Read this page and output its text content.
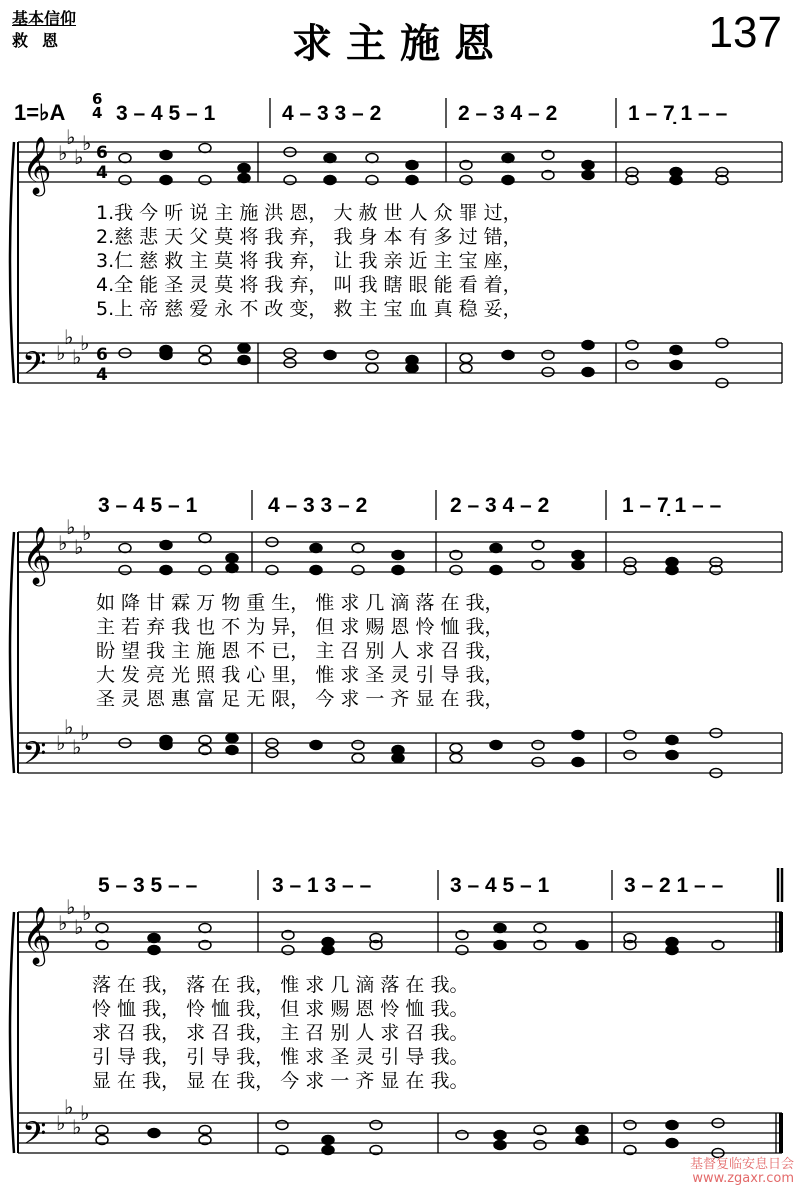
基本信仰
救恩	求主施恩	137
1=♭A
6
4 3 – 4 5 – 1	4 – 3 3 – 2	2 – 3 4 – 2	1 – 7̣ 1 – –
3 – 4 5 – 1	4 – 3 3 – 2	2 – 3 4 – 2	1 – 7̣ 1 – –
5 – 3 5 – –	3 – 1 3 – –	3 – 4 5 – 1	3 – 2 1 – –
𝄞
𝄢
𝄞
𝄢
𝄞
𝄢
♭
♭
♭
♭
♭
♭
♭
♭
♭
♭
♭
♭
♭
♭
♭
♭
♭
♭
♭
♭
♭
♭
♭
♭
6
4
6
4
1.我 今 听 说 主 施 洪 恩， 大 赦 世 人 众 罪 过，
2.慈 悲 天 父 莫 将 我 弃， 我 身 本 有 多 过 错，
3.仁 慈 救 主 莫 将 我 弃， 让 我 亲 近 主 宝 座，
4.全 能 圣 灵 莫 将 我 弃， 叫 我 瞎 眼 能 看 着，
5.上 帝 慈 爱 永 不 改 变， 救 主 宝 血 真 稳 妥，
如 降 甘 霖 万 物 重 生， 惟 求 几 滴 落 在 我，
主 若 弃 我 也 不 为 异， 但 求 赐 恩 怜 恤 我，
盼 望 我 主 施 恩 不 已， 主 召 别 人 求 召 我，
大 发 亮 光 照 我 心 里， 惟 求 圣 灵 引 导 我，
圣 灵 恩 惠 富 足 无 限， 今 求 一 齐 显 在 我，
落 在 我， 落 在 我， 惟 求 几 滴 落 在 我。
怜 恤 我， 怜 恤 我， 但 求 赐 恩 怜 恤 我。
求 召 我， 求 召 我， 主 召 别 人 求 召 我。
引 导 我， 引 导 我， 惟 求 圣 灵 引 导 我。
显 在 我， 显 在 我， 今 求 一 齐 显 在 我。
基督复临安息日会
www.zgaxr.com
